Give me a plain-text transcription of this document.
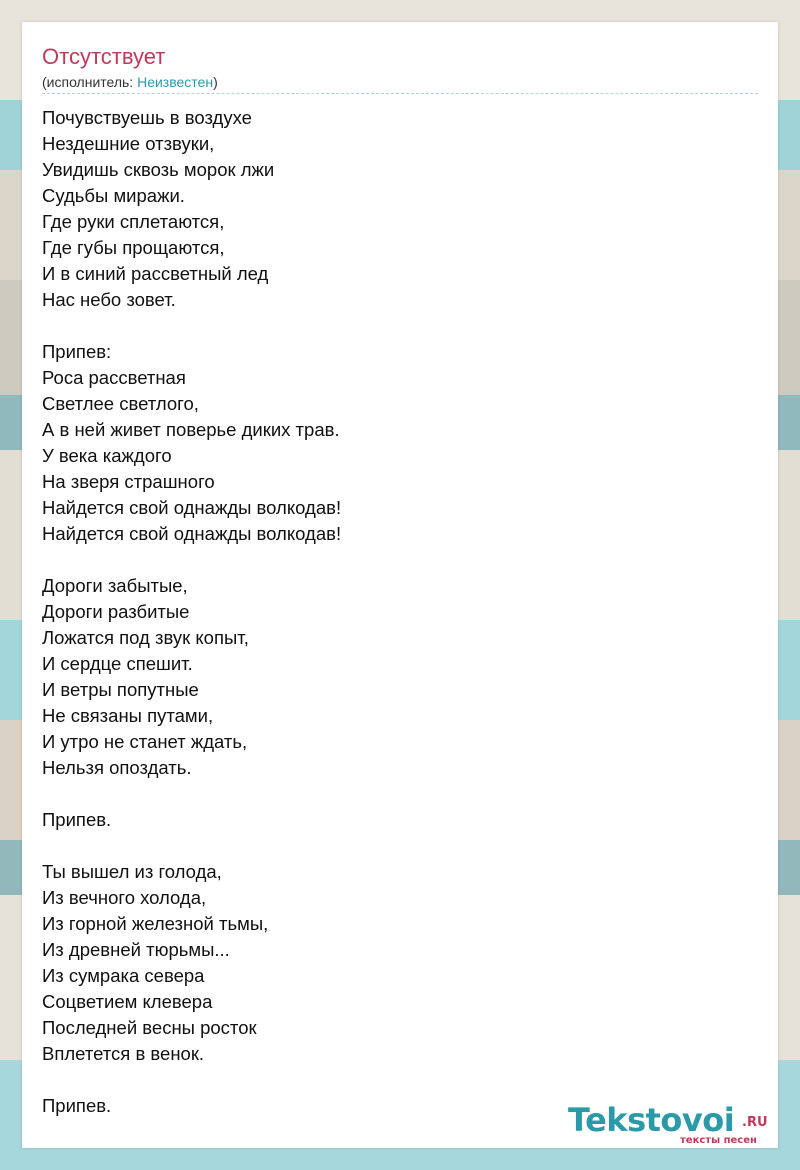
Отсутствует
(исполнитель: Неизвестен)
Почувствуешь в воздухе
Нездешние отзвуки,
Увидишь сквозь морок лжи
Судьбы миражи.
Где руки сплетаются,
Где губы прощаются,
И в синий рассветный лед
Нас небо зовет.
Припев:
Роса рассветная
Светлее светлого,
А в ней живет поверье диких трав.
У века каждого
На зверя страшного
Найдется свой однажды волкодав!
Найдется свой однажды волкодав!
Дороги забытые,
Дороги разбитые
Ложатся под звук копыт,
И сердце спешит.
И ветры попутные
Не связаны путами,
И утро не станет ждать,
Нельзя опоздать.
Припев.
Ты вышел из голода,
Из вечного холода,
Из горной железной тьмы,
Из древней тюрьмы...
Из сумрака севера
Соцветием клевера
Последней весны росток
Вплетется в венок.
Припев.	Tekstovoi .RU
тексты песен
